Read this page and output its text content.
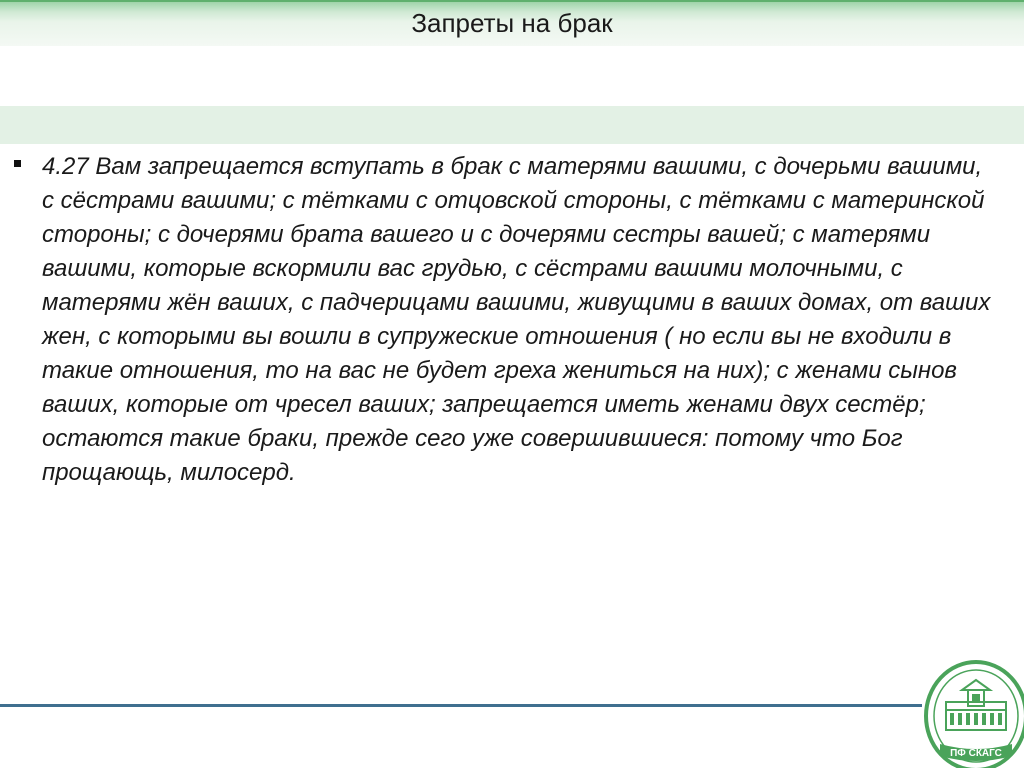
Запреты на брак

4.27 Вам запрещается вступать в брак с матерями вашими, с дочерьми вашими, с сёстрами вашими; с тётками с отцовской стороны, с тётками с материнской стороны; с дочерями брата вашего и с дочерями сестры вашей; с матерями вашими, которые вскормили вас грудью, с сёстрами вашими молочными, с матерями жён ваших, с падчерицами вашими, живущими в ваших домах, от ваших жен, с которыми вы вошли в супружеские отношения ( но если вы не входили в такие отношения, то на вас не будет греха жениться на них); с женами сынов ваших, которые от чресел ваших; запрещается иметь женами двух сестёр; остаются такие браки, прежде сего уже совершившиеся: потому что Бог прощающь, милосерд.

ПФ СКАГС
